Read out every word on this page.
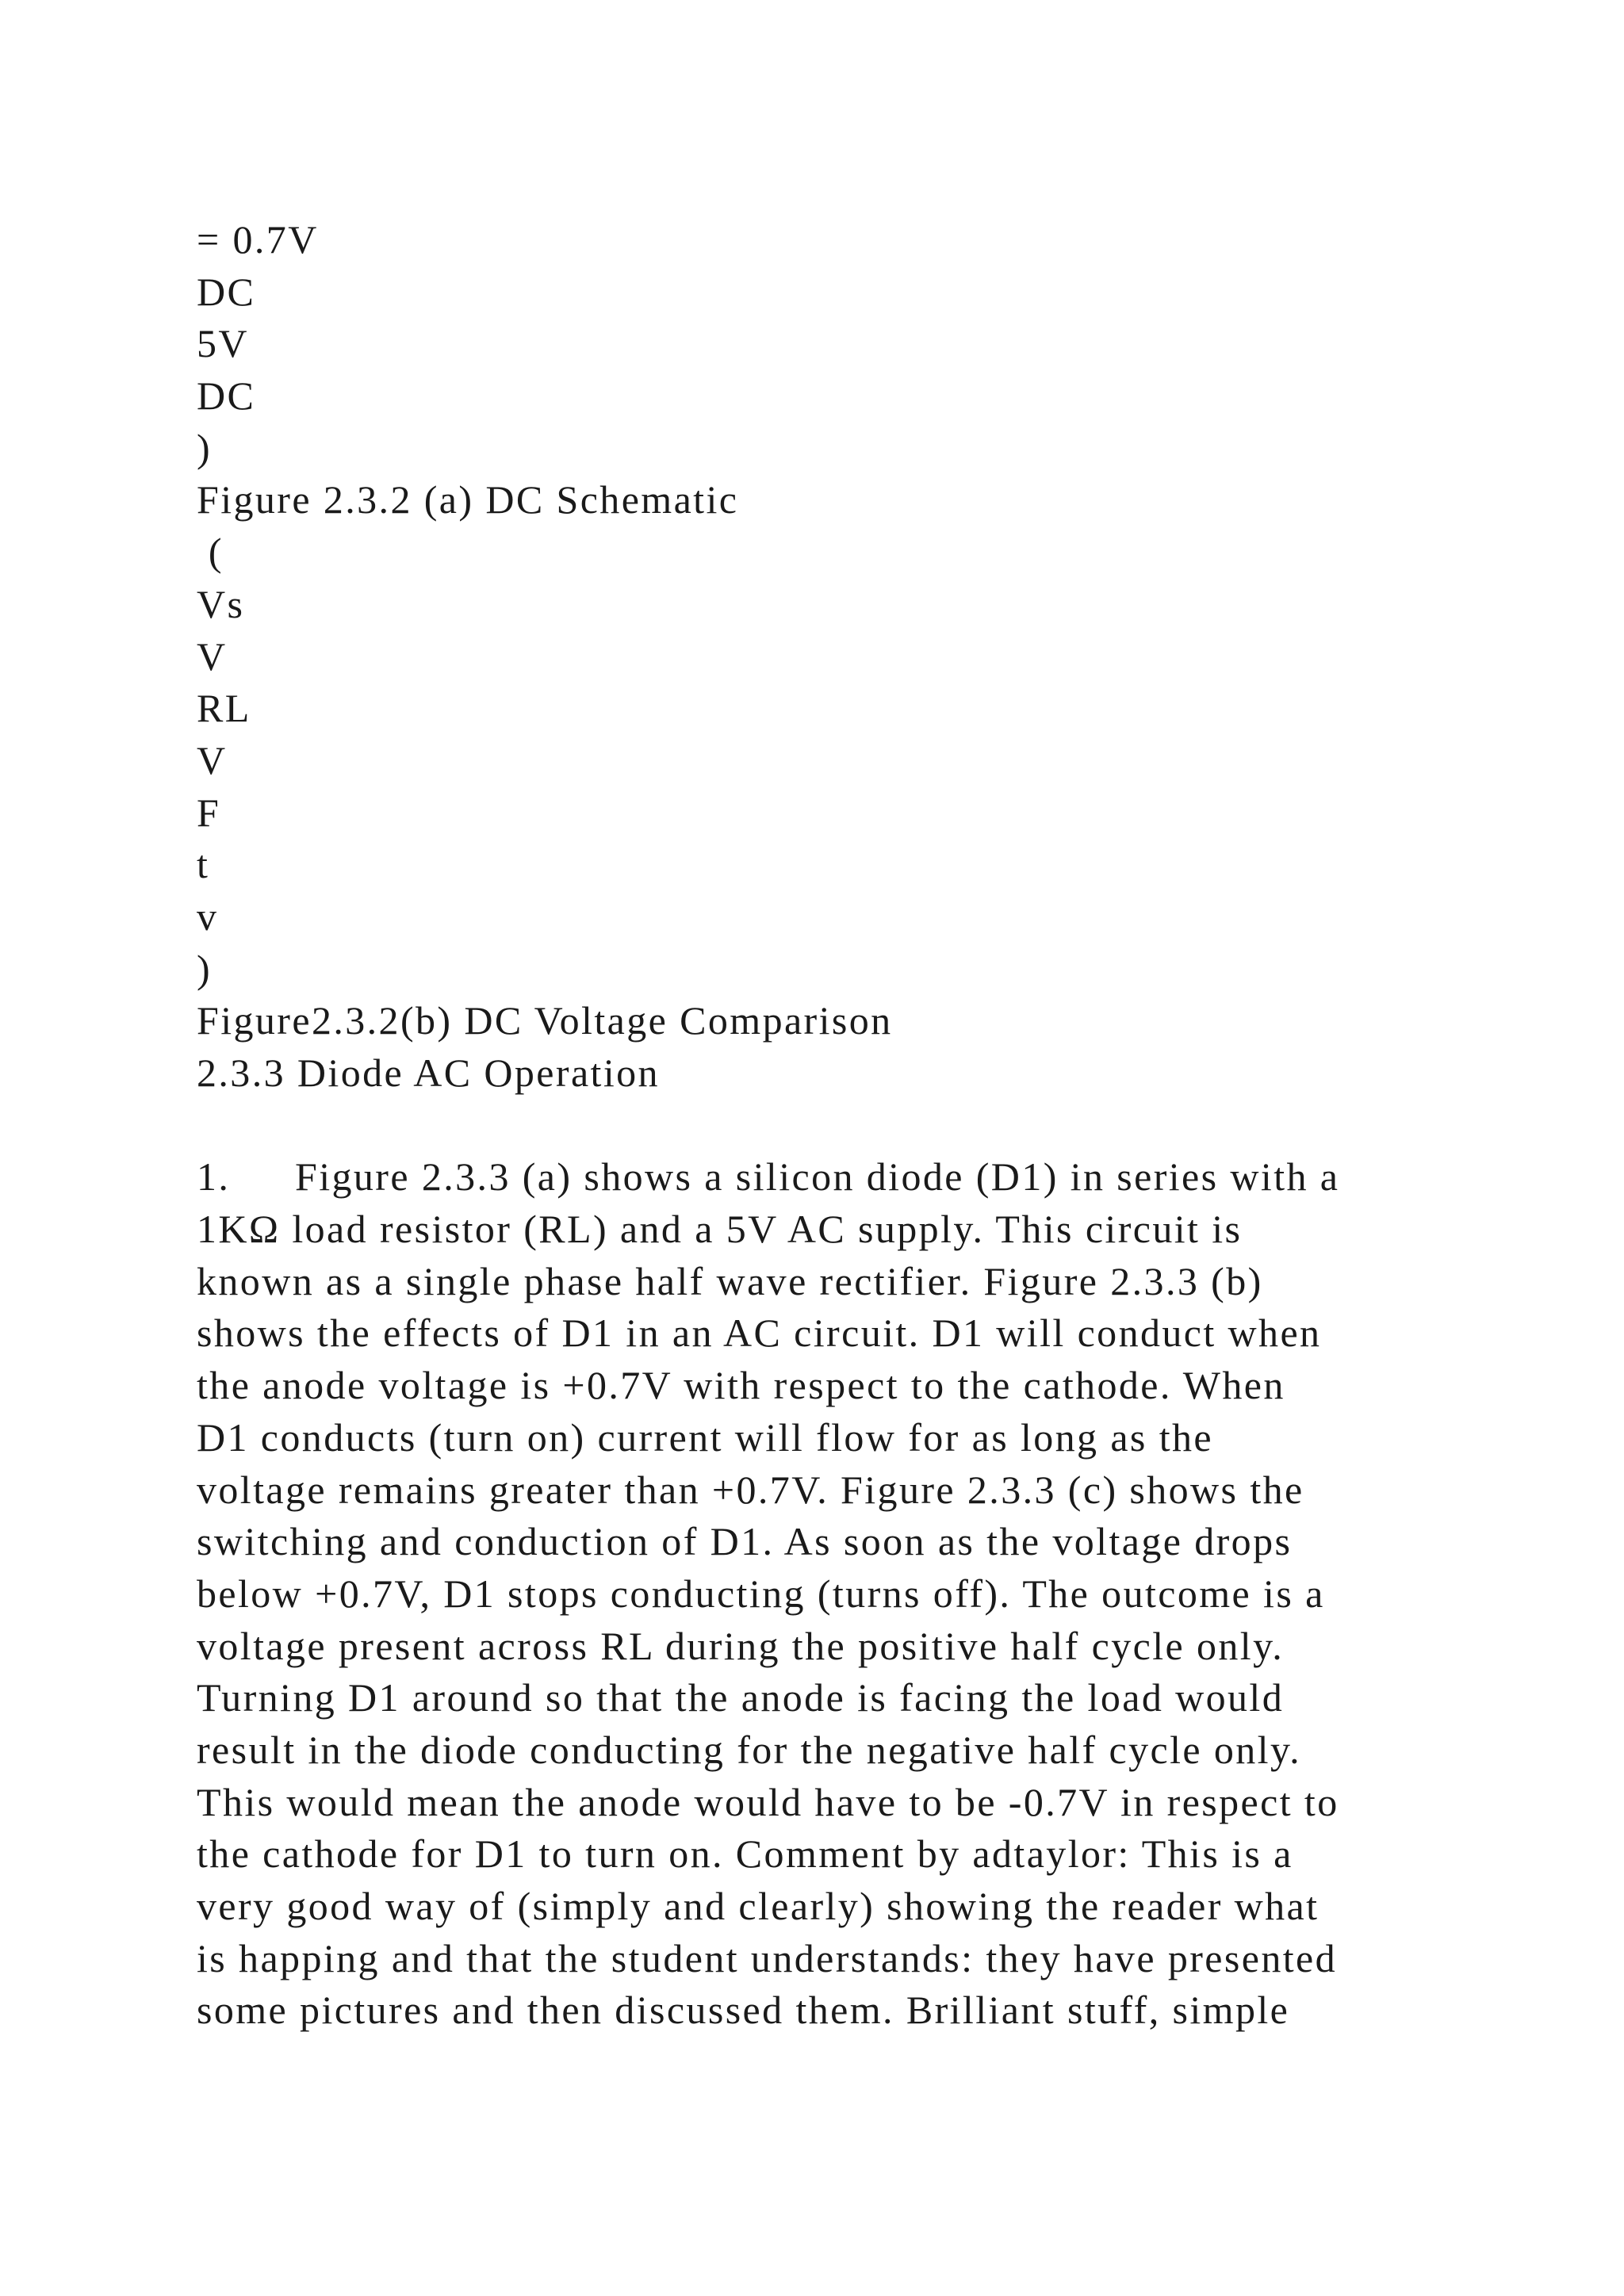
= 0.7V
DC
5V
DC
)
Figure 2.3.2 (a) DC Schematic
(
Vs
V
RL
V
F
t
v
)
Figure2.3.2(b) DC Voltage Comparison
2.3.3 Diode AC Operation
1. Figure 2.3.3 (a) shows a silicon diode (D1) in series with a
1KΩ load resistor (RL) and a 5V AC supply. This circuit is
known as a single phase half wave rectifier. Figure 2.3.3 (b)
shows the effects of D1 in an AC circuit. D1 will conduct when
the anode voltage is +0.7V with respect to the cathode. When
D1 conducts (turn on) current will flow for as long as the
voltage remains greater than +0.7V. Figure 2.3.3 (c) shows the
switching and conduction of D1. As soon as the voltage drops
below +0.7V, D1 stops conducting (turns off). The outcome is a
voltage present across RL during the positive half cycle only.
Turning D1 around so that the anode is facing the load would
result in the diode conducting for the negative half cycle only.
This would mean the anode would have to be -0.7V in respect to
the cathode for D1 to turn on. Comment by adtaylor: This is a
very good way of (simply and clearly) showing the reader what
is happing and that the student understands: they have presented
some pictures and then discussed them. Brilliant stuff, simple
